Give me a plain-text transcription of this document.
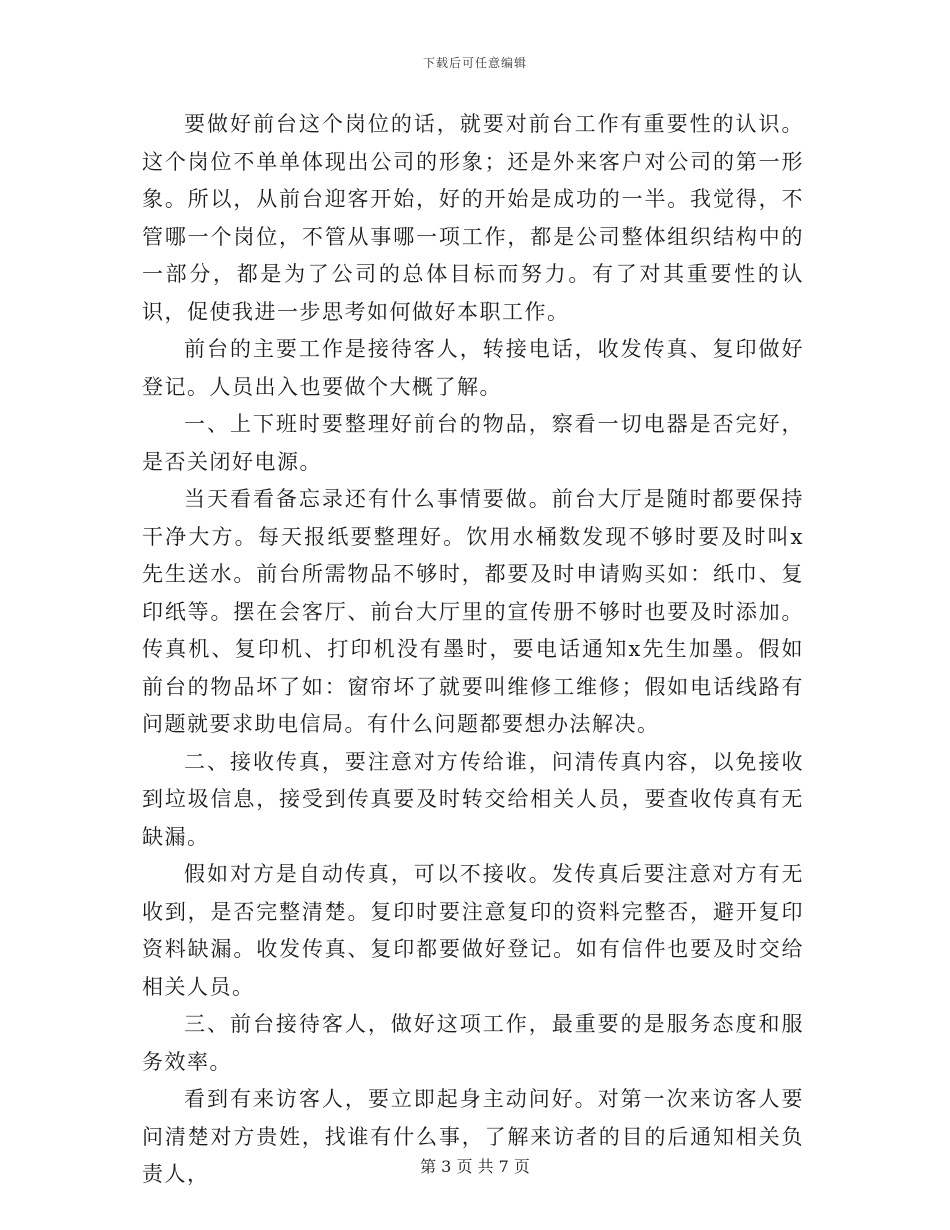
下载后可任意编辑

要做好前台这个岗位的话，就要对前台工作有重要性的认识。这个岗位不单单体现出公司的形象；还是外来客户对公司的第一形象。所以，从前台迎客开始，好的开始是成功的一半。我觉得，不管哪一个岗位，不管从事哪一项工作，都是公司整体组织结构中的一部分，都是为了公司的总体目标而努力。有了对其重要性的认识，促使我进一步思考如何做好本职工作。

前台的主要工作是接待客人，转接电话，收发传真、复印做好登记。人员出入也要做个大概了解。

一、上下班时要整理好前台的物品，察看一切电器是否完好，是否关闭好电源。

当天看看备忘录还有什么事情要做。前台大厅是随时都要保持干净大方。每天报纸要整理好。饮用水桶数发现不够时要及时叫x先生送水。前台所需物品不够时，都要及时申请购买如：纸巾、复印纸等。摆在会客厅、前台大厅里的宣传册不够时也要及时添加。传真机、复印机、打印机没有墨时，要电话通知x先生加墨。假如前台的物品坏了如：窗帘坏了就要叫维修工维修；假如电话线路有问题就要求助电信局。有什么问题都要想办法解决。

二、接收传真，要注意对方传给谁，问清传真内容，以免接收到垃圾信息，接受到传真要及时转交给相关人员，要查收传真有无缺漏。

假如对方是自动传真，可以不接收。发传真后要注意对方有无收到，是否完整清楚。复印时要注意复印的资料完整否，避开复印资料缺漏。收发传真、复印都要做好登记。如有信件也要及时交给相关人员。

三、前台接待客人，做好这项工作，最重要的是服务态度和服务效率。

看到有来访客人，要立即起身主动问好。对第一次来访客人要问清楚对方贵姓，找谁有什么事，了解来访者的目的后通知相关负责人，	第 3 页 共 7 页
